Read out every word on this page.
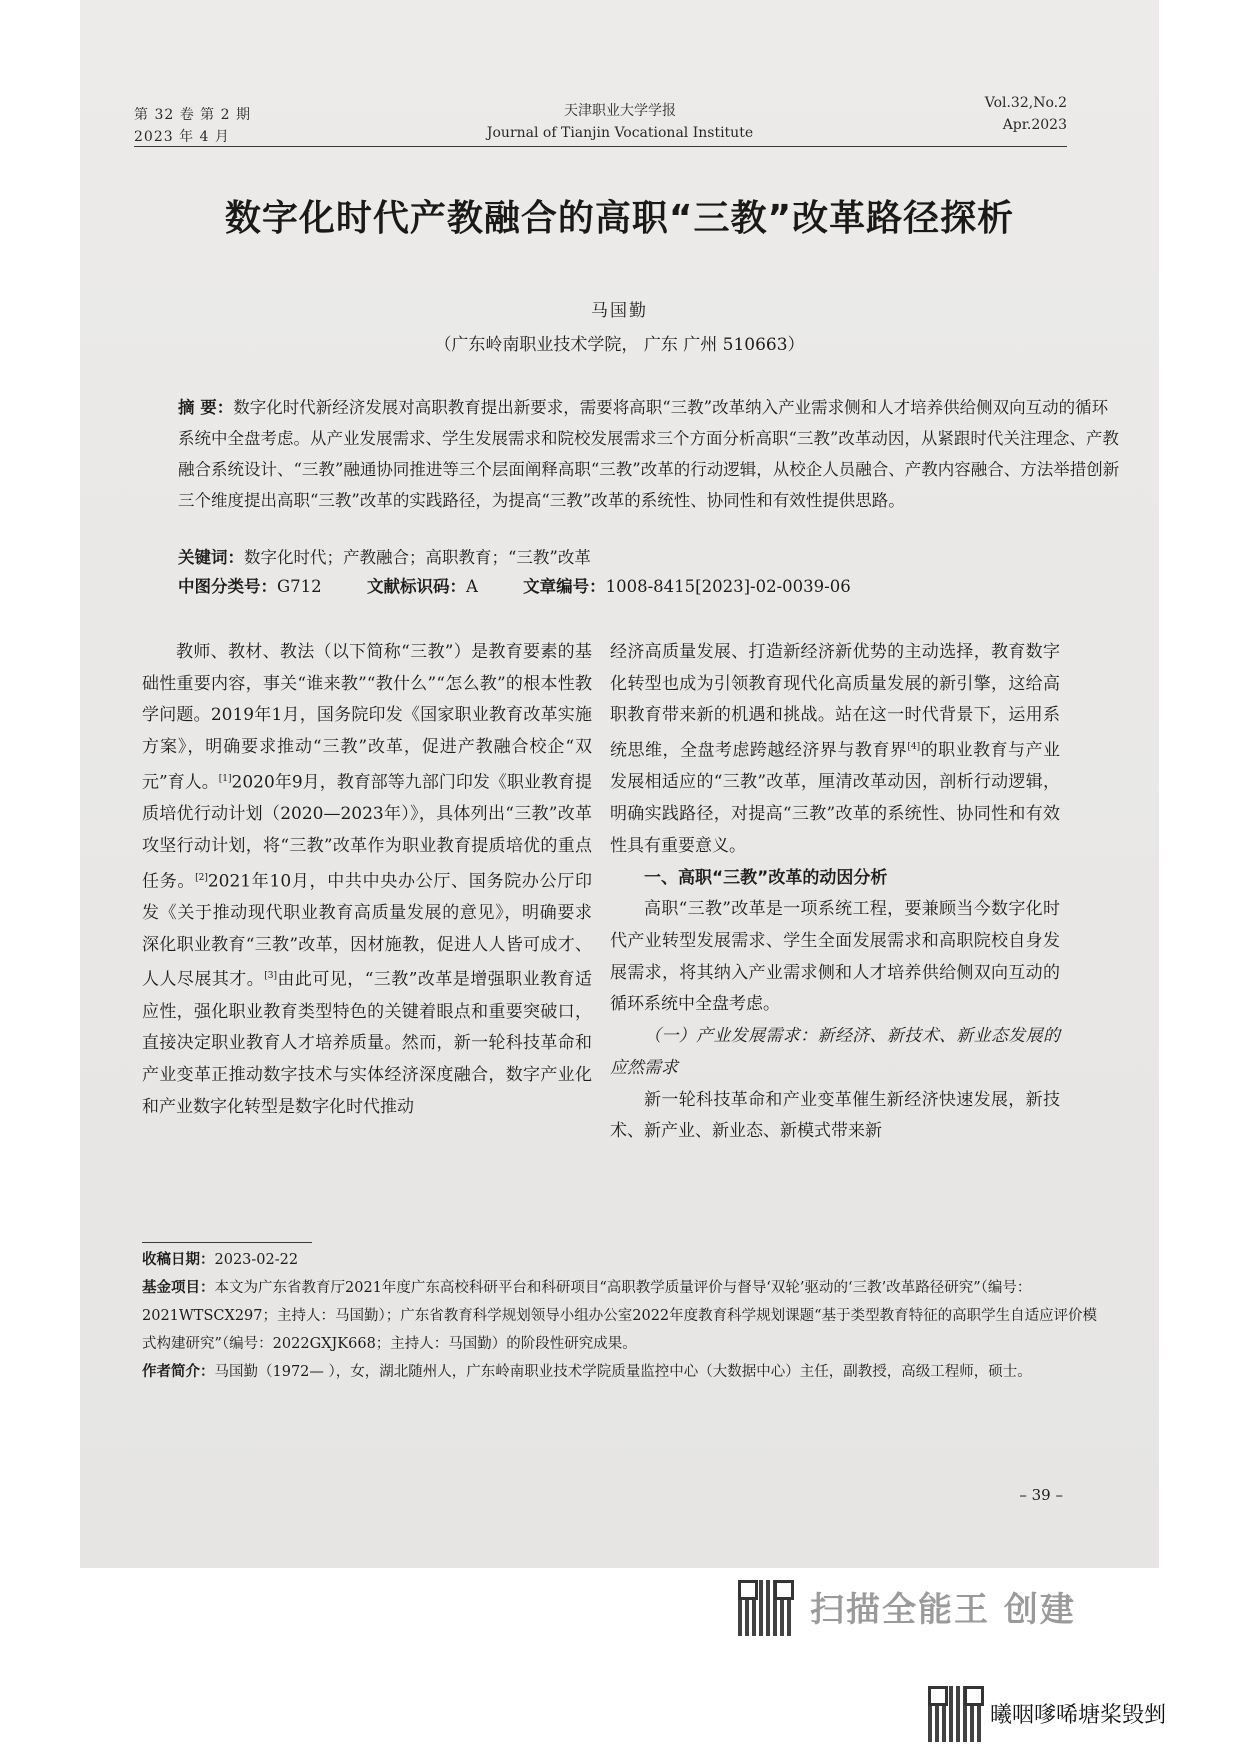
第 32 卷 第 2 期
2023 年 4 月
天津职业大学学报
Journal of Tianjin Vocational Institute
Vol.32,No.2
Apr.2023
数字化时代产教融合的高职“三教”改革路径探析
马国勤
（广东岭南职业技术学院， 广东 广州 510663）
摘 要：数字化时代新经济发展对高职教育提出新要求，需要将高职“三教”改革纳入产业需求侧和人才培养供给侧双向互动的循环系统中全盘考虑。从产业发展需求、学生发展需求和院校发展需求三个方面分析高职“三教”改革动因，从紧跟时代关注理念、产教融合系统设计、“三教”融通协同推进等三个层面阐释高职“三教”改革的行动逻辑，从校企人员融合、产教内容融合、方法举措创新三个维度提出高职“三教”改革的实践路径，为提高“三教”改革的系统性、协同性和有效性提供思路。
关键词：数字化时代；产教融合；高职教育；“三教”改革
中图分类号：G712	文献标识码：A	文章编号：1008-8415[2023]-02-0039-06

教师、教材、教法（以下简称“三教”）是教育要素的基础性重要内容，事关“谁来教”“教什么”“怎么教”的根本性教学问题。2019年1月，国务院印发《国家职业教育改革实施方案》，明确要求推动“三教”改革，促进产教融合校企“双元”育人。[1]2020年9月，教育部等九部门印发《职业教育提质培优行动计划（2020—2023年）》，具体列出“三教”改革攻坚行动计划，将“三教”改革作为职业教育提质培优的重点任务。[2]2021年10月，中共中央办公厅、国务院办公厅印发《关于推动现代职业教育高质量发展的意见》，明确要求深化职业教育“三教”改革，因材施教，促进人人皆可成才、人人尽展其才。[3]由此可见，“三教”改革是增强职业教育适应性，强化职业教育类型特色的关键着眼点和重要突破口，直接决定职业教育人才培养质量。然而，新一轮科技革命和产业变革正推动数字技术与实体经济深度融合，数字产业化和产业数字化转型是数字化时代推动

经济高质量发展、打造新经济新优势的主动选择，教育数字化转型也成为引领教育现代化高质量发展的新引擎，这给高职教育带来新的机遇和挑战。站在这一时代背景下，运用系统思维，全盘考虑跨越经济界与教育界[4]的职业教育与产业发展相适应的“三教”改革，厘清改革动因，剖析行动逻辑，明确实践路径，对提高“三教”改革的系统性、协同性和有效性具有重要意义。

一、高职“三教”改革的动因分析

高职“三教”改革是一项系统工程，要兼顾当今数字化时代产业转型发展需求、学生全面发展需求和高职院校自身发展需求，将其纳入产业需求侧和人才培养供给侧双向互动的循环系统中全盘考虑。

（一）产业发展需求：新经济、新技术、新业态发展的应然需求

新一轮科技革命和产业变革催生新经济快速发展，新技术、新产业、新业态、新模式带来新

收稿日期：2023-02-22

基金项目：本文为广东省教育厅2021年度广东高校科研平台和科研项目“高职教学质量评价与督导‘双轮’驱动的‘三教’改革路径研究”（编号：2021WTSCX297；主持人：马国勤）；广东省教育科学规划领导小组办公室2022年度教育科学规划课题“基于类型教育特征的高职学生自适应评价模式构建研究”（编号：2022GXJK668；主持人：马国勤）的阶段性研究成果。

作者简介：马国勤（1972— ），女，湖北随州人，广东岭南职业技术学院质量监控中心（大数据中心）主任，副教授，高级工程师，硕士。

– 39 –
扫描全能王 创建
曦咽嗲唏塘桨毁剉
